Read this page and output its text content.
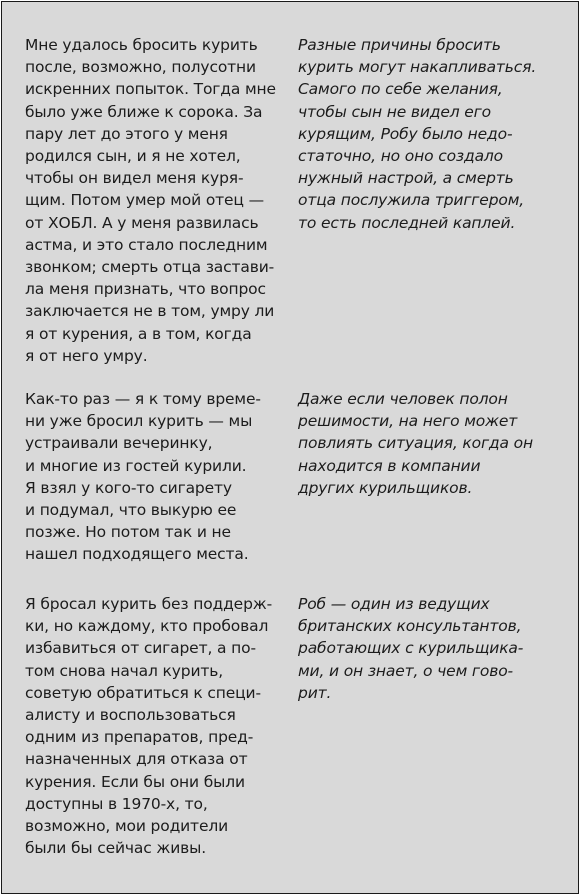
Мне удалось бросить курить
после, возможно, полусотни
искренних попыток. Тогда мне
было уже ближе к сорока. За
пару лет до этого у меня
родился сын, и я не хотел,
чтобы он видел меня куря-
щим. Потом умер мой отец —
от ХОБЛ. А у меня развилась
астма, и это стало последним
звонком; смерть отца застави-
ла меня признать, что вопрос
заключается не в том, умру ли
я от курения, а в том, когда
я от него умру.
Разные причины бросить
курить могут накапливаться.
Самого по себе желания,
чтобы сын не видел его
курящим, Робу было недо-
статочно, но оно создало
нужный настрой, а смерть
отца послужила триггером,
то есть последней каплей.
Как-то раз — я к тому време-
ни уже бросил курить — мы
устраивали вечеринку,
и многие из гостей курили.
Я взял у кого-то сигарету
и подумал, что выкурю ее
позже. Но потом так и не
нашел подходящего места.
Даже если человек полон
решимости, на него может
повлиять ситуация, когда он
находится в компании
других курильщиков.
Я бросал курить без поддерж-
ки, но каждому, кто пробовал
избавиться от сигарет, а по-
том снова начал курить,
советую обратиться к специ-
алисту и воспользоваться
одним из препаратов, пред-
назначенных для отказа от
курения. Если бы они были
доступны в 1970-х, то,
возможно, мои родители
были бы сейчас живы.
Роб — один из ведущих
британских консультантов,
работающих с курильщика-
ми, и он знает, о чем гово-
рит.
